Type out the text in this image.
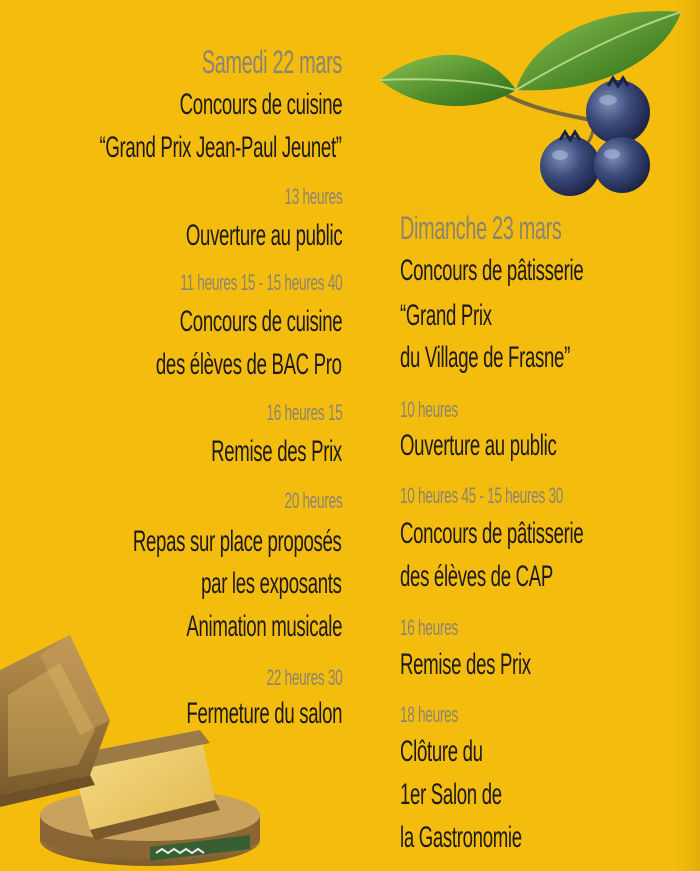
Samedi 22 mars
Concours de cuisine
“Grand Prix Jean-Paul Jeunet”
13 heures
Ouverture au public
11 heures 15 - 15 heures 40
Concours de cuisine
des élèves de BAC Pro
16 heures 15
Remise des Prix
20 heures
Repas sur place proposés
par les exposants
Animation musicale
22 heures 30
Fermeture du salon
Dimanche 23 mars
Concours de pâtisserie
“Grand Prix
du Village de Frasne”
10 heures
Ouverture au public
10 heures 45 - 15 heures 30
Concours de pâtisserie
des élèves de CAP
16 heures
Remise des Prix
18 heures
Clôture du
1er Salon de
la Gastronomie
